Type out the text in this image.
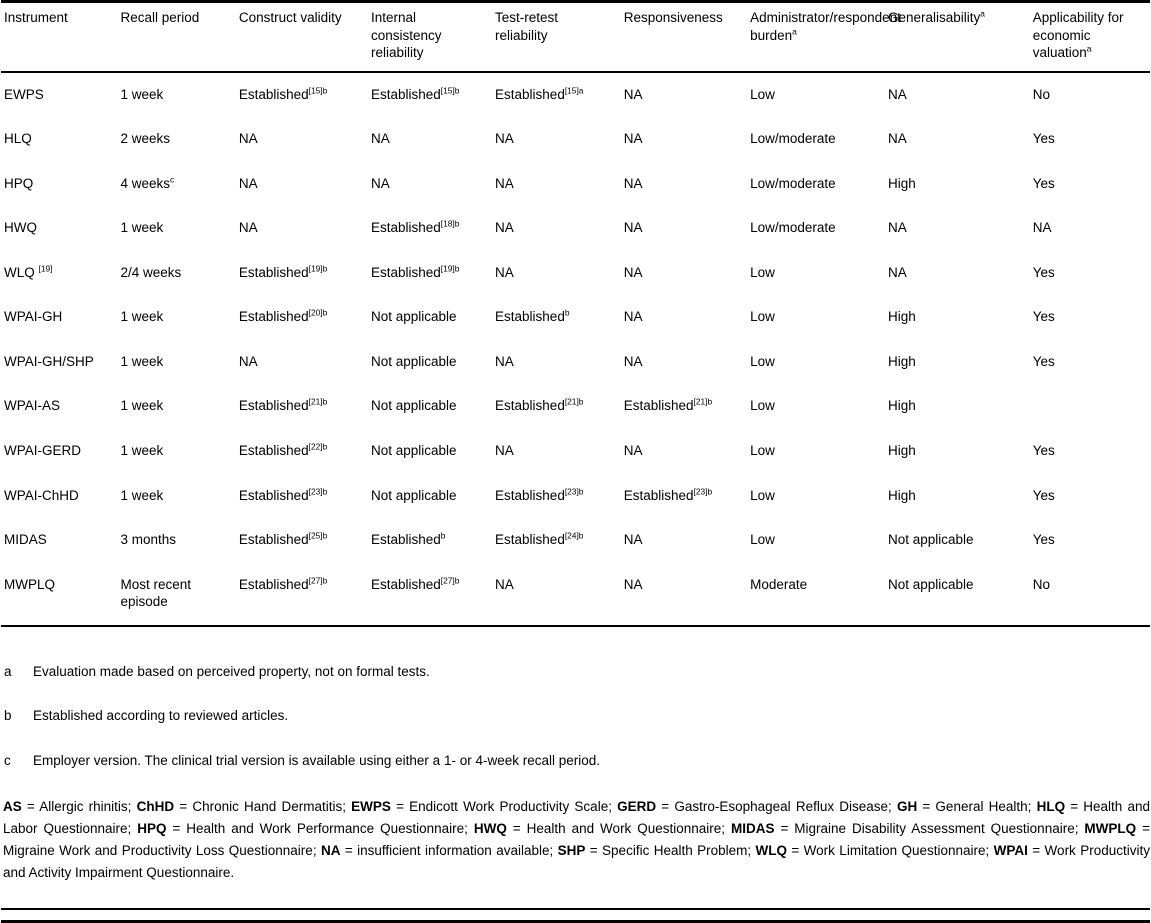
Instrument	Recall period	Construct validity	Internal consistency reliability	Test-retest reliability	Responsiveness	Administrator/respondent burden$^a$	Generalisability$^a$	Applicability for economic valuation$^a$
EWPS	1 week	Established$^{[15]b}$	Established$^{[15]b}$	Established$^{[15]a}$	NA	Low	NA	No
HLQ	2 weeks	NA	NA	NA	NA	Low/moderate	NA	Yes
HPQ	4 weeks$^c$	NA	NA	NA	NA	Low/moderate	High	Yes
HWQ	1 week	NA	Established$^{[18]b}$	NA	NA	Low/moderate	NA	NA
WLQ [19]	2/4 weeks	Established$^{[19]b}$	Established$^{[19]b}$	NA	NA	Low	NA	Yes
WPAI-GH	1 week	Established$^{[20]b}$	Not applicable	Established$^b$	NA	Low	High	Yes
WPAI-GH/SHP	1 week	NA	Not applicable	NA	NA	Low	High	Yes
WPAI-AS	1 week	Established$^{[21]b}$	Not applicable	Established$^{[21]b}$	Established$^{[21]b}$	Low	High	
WPAI-GERD	1 week	Established$^{[22]b}$	Not applicable	NA	NA	Low	High	Yes
WPAI-ChHD	1 week	Established$^{[23]b}$	Not applicable	Established$^{[23]b}$	Established$^{[23]b}$	Low	High	Yes
MIDAS	3 months	Established$^{[25]b}$	Established$^b$	Established$^{[24]b}$	NA	Low	Not applicable	Yes
MWPLQ	Most recent episode	Established$^{[27]b}$	Established$^{[27]b}$	NA	NA	Moderate	Not applicable	No
a	Evaluation made based on perceived property, not on formal tests.
b	Established according to reviewed articles.
c	Employer version. The clinical trial version is available using either a 1- or 4-week recall period.

AS = Allergic rhinitis; ChHD = Chronic Hand Dermatitis; EWPS = Endicott Work Productivity Scale; GERD = Gastro-Esophageal Reflux Disease; GH = General Health; HLQ = Health and Labor Questionnaire; HPQ = Health and Work Performance Questionnaire; HWQ = Health and Work Questionnaire; MIDAS = Migraine Disability Assessment Questionnaire; MWPLQ = Migraine Work and Productivity Loss Questionnaire; NA = insufficient information available; SHP = Specific Health Problem; WLQ = Work Limitation Questionnaire; WPAI = Work Productivity and Activity Impairment Questionnaire.
